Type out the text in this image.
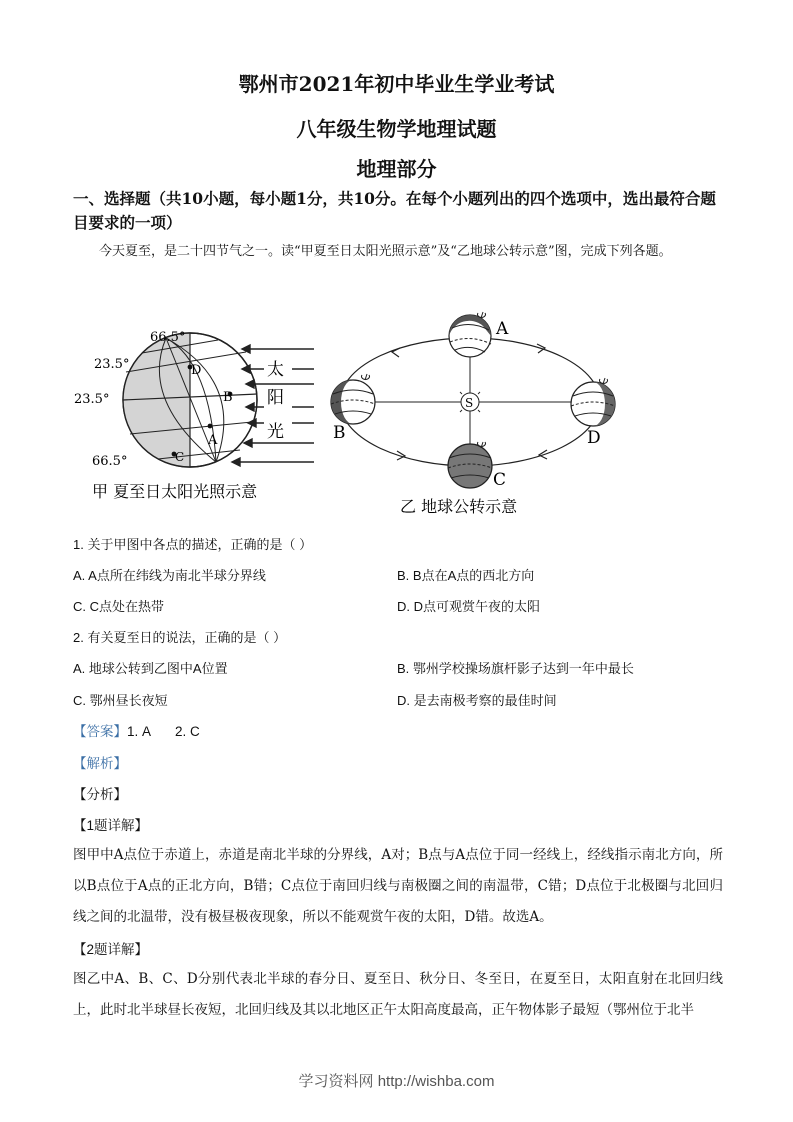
鄂州市2021年初中毕业生学业考试
八年级生物学地理试题
地理部分
一、选择题（共10小题，每小题1分，共10分。在每个小题列出的四个选项中，选出最符合题目要求的一项）
今天夏至，是二十四节气之一。读“甲夏至日太阳光照示意”及“乙地球公转示意”图，完成下列各题。
D
B
A
C
66.5°
23.5°
23.5°
66.5°
太
阳
光
甲 夏至日太阳光照示意
S
A
B
C
D
乙 地球公转示意
1. 关于甲图中各点的描述，正确的是（ ）
A. A点所在纬线为南北半球分界线	B. B点在A点的西北方向
C. C点处在热带	D. D点可观赏午夜的太阳
2. 有关夏至日的说法，正确的是（ ）
A. 地球公转到乙图中A位置	B. 鄂州学校操场旗杆影子达到一年中最长
C. 鄂州昼长夜短	D. 是去南极考察的最佳时间
【答案】1. A 2. C
【解析】
【分析】
【1题详解】
图甲中A点位于赤道上，赤道是南北半球的分界线，A对；B点与A点位于同一经线上，经线指示南北方向，所以B点位于A点的正北方向，B错；C点位于南回归线与南极圈之间的南温带，C错；D点位于北极圈与北回归线之间的北温带，没有极昼极夜现象，所以不能观赏午夜的太阳，D错。故选A。
【2题详解】
图乙中A、B、C、D分别代表北半球的春分日、夏至日、秋分日、冬至日，在夏至日，太阳直射在北回归线上，此时北半球昼长夜短，北回归线及其以北地区正午太阳高度最高，正午物体影子最短（鄂州位于北半
学习资料网 http://wishba.com
